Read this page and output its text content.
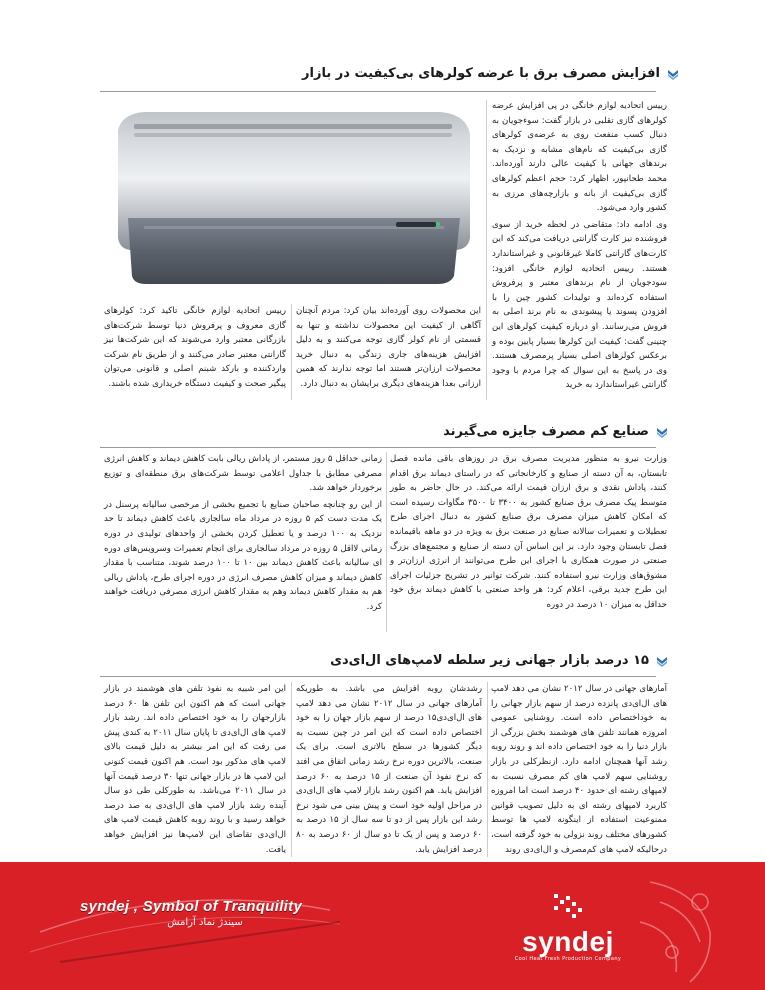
افزایش مصرف برق با عرضه کولرهای بی‌کیفیت در بازار

رییس اتحادیه لوازم خانگی در پی افزایش عرضه کولرهای گازی تقلبی در بازار گفت: سوءجویان به دنبال کسب منفعت روی به عرضه‌ی کولرهای گازی بی‌کیفیت که نام‌های مشابه و نزدیک به برندهای جهانی با کیفیت عالی دارند آورده‌اند. محمد طحانپور، اظهار کرد: حجم اعظم کولرهای گازی بی‌کیفیت از بانه و بازارچه‌های مرزی به کشور وارد می‌شود.

وی ادامه داد: متقاضی در لحظه خرید از سوی فروشنده نیز کارت گارانتی دریافت می‌کند که این کارت‌های گارانتی کاملا غیرقانونی و غیراستاندارد هستند. رییس اتحادیه لوازم خانگی افزود: سودجویان از نام برندهای معتبر و پرفروش استفاده کرده‌اند و تولیدات کشور چین را با افزودن پسوند یا پیشوندی به نام برند اصلی به فروش می‌رسانند. او درباره کیفیت کولرهای این چنینی گفت: کیفیت این کولرها بسیار پایین بوده و برعکس کولرهای اصلی بسیار پرمصرف هستند. وی در پاسخ به این سوال که چرا مردم با وجود گارانتی غیراستاندارد به خرید

این محصولات روی آورده‌اند بیان کرد: مردم آنچنان آگاهی از کیفیت این محصولات نداشته و تنها به قسمتی از نام کولر گازی توجه می‌کنند و به دلیل افزایش هزینه‌های جاری زندگی به دنبال خرید محصولات ارزان‌تر هستند اما توجه ندارند که همین ارزانی بعدا هزینه‌های دیگری برایشان به دنبال دارد.

رییس اتحادیه لوازم خانگی تاکید کرد: کولرهای گازی معروف و پرفروش دنیا توسط شرکت‌های بازرگانی معتبر وارد می‌شوند که این شرکت‌ها نیز گارانتی معتبر صادر می‌کنند و از طریق نام شرکت واردکننده و بارکد شبنم اصلی و قانونی می‌توان پیگیر صحت و کیفیت دستگاه خریداری شده باشند.

صنایع کم مصرف جایزه می‌گیرند

وزارت نیرو به منظور مدیریت مصرف برق در روزهای باقی مانده فصل تابستان، به آن دسته از صنایع و کارخانجاتی که در راستای دیماند برق اقدام کنند، پاداش نقدی و برق ارزان قیمت ارائه می‌کند. در حال حاضر به طور متوسط پیک مصرف برق صنایع کشور به ۳۴۰۰ تا ۳۵۰۰ مگاوات رسیده است که امکان کاهش میزان مصرف برق صنایع کشور به دنبال اجرای طرح تعطیلات و تعمیرات سالانه صنایع در صنعت برق به ویژه در دو ماهه باقیمانده فصل تابستان وجود دارد. بر این اساس آن دسته از صنایع و مجتمع‌های بزرگ صنعتی در صورت همکاری با اجرای این طرح می‌توانند از انرژی ارزان‌تر و مشوق‌های وزارت نیرو استفاده کنند. شرکت توانیر در تشریح جزئیات اجرای این طرح جدید برقی، اعلام کرد: هر واحد صنعتی با کاهش دیماند برق خود حداقل به میزان ۱۰ درصد در دوره

زمانی حداقل ۵ روز مستمر، از پاداش ریالی بابت کاهش دیماند و کاهش انرژی مصرفی مطابق با جداول اعلامی توسط شرکت‌های برق منطقه‌ای و توزیع برخوردار خواهد شد.

از این رو چنانچه صاحبان صنایع با تجمیع بخشی از مرخصی سالیانه پرسنل در یک مدت دست کم ۵ روزه در مرداد ماه سالجاری باعث کاهش دیماند تا حد نزدیک به ۱۰۰ درصد و یا تعطیل کردن بخشی از واحدهای تولیدی در دوره زمانی لااقل ۵ روزه در مرداد سالجاری برای انجام تعمیرات وسرویس‌های دوره ای سالیانه باعث کاهش دیماند بین ۱۰ تا ۱۰۰ درصد شوند، متناسب با مقدار کاهش دیماند و میزان کاهش مصرف انرژی در دوره اجرای طرح، پاداش ریالی هم به مقدار کاهش دیماند وهم به مقدار کاهش انرژی مصرفی دریافت خواهند کرد.

۱۵ درصد بازار جهانی زیر سلطه لامپ‌های ال‌ای‌دی

آمارهای جهانی در سال ۲۰۱۲ نشان می دهد لامپ های ال‌ای‌دی پانزده درصد از سهم بازار جهانی را به خوداختصاص داده است. روشنایی عمومی امروزه همانند تلفن های هوشمند بخش بزرگی از بازار دنیا را به خود اختصاص داده اند و روند روبه رشد آنها همچنان ادامه دارد. ازنظرکلی در بازار روشنایی سهم لامپ های کم مصرف نسبت به لامپهای رشته ای حدود ۴۰ درصد است اما امروزه کاربرد لامپهای رشته ای به دلیل تصویب قوانین ممنوعیت استفاده از اینگونه لامپ ها توسط کشورهای مختلف روند نزولی به خود گرفته است، درحالیکه لامپ های کم‌مصرف و ال‌ای‌دی روند

رشدشان روبه افزایش می باشد. به طوریکه آمارهای جهانی در سال ۲۰۱۲ نشان می دهد لامپ های ال‌ای‌دی۱۵ درصد از سهم بازار جهان را به خود اختصاص داده است که این امر در چین نسبت به دیگر کشورها در سطح بالاتری است. برای یک صنعت، بالاترین دوره نرخ رشد زمانی اتفاق می افتد که نرخ نفوذ آن صنعت از ۱۵ درصد به ۶۰ درصد افزایش یابد. هم اکنون رشد بازار لامپ های ال‌ای‌دی در مراحل اولیه خود است و پیش بینی می شود نرخ رشد این بازار پس از دو تا سه سال از ۱۵ درصد به ۶۰ درصد و پس از یک تا دو سال از ۶۰ درصد به ۸۰ درصد افزایش یابد.

این امر شبیه به نفوذ تلفن های هوشمند در بازار جهانی است که هم اکنون این تلفن ها ۶۰ درصد بازارجهان را به خود اختصاص داده اند. رشد بازار لامپ های ال‌ای‌دی تا پایان سال ۲۰۱۱ به کندی پیش می رفت که این امر بیشتر به دلیل قیمت بالای لامپ های مذکور بود است. هم اکنون قیمت کنونی این لامپ ها در بازار جهانی تنها ۳۰ درصد قیمت آنها در سال ۲۰۱۱ می‌باشد. به طورکلی طی دو سال آینده رشد بازار لامپ های ال‌ای‌دی به صد درصد خواهد رسید و با روند روبه کاهش قیمت لامپ های ال‌ای‌دی تقاضای این لامپ‌ها نیز افزایش خواهد یافت.

syndej , Symbol of Tranquility
سیندژ نماد آرامش
syndej
Cool Heat Fresh Production Company
